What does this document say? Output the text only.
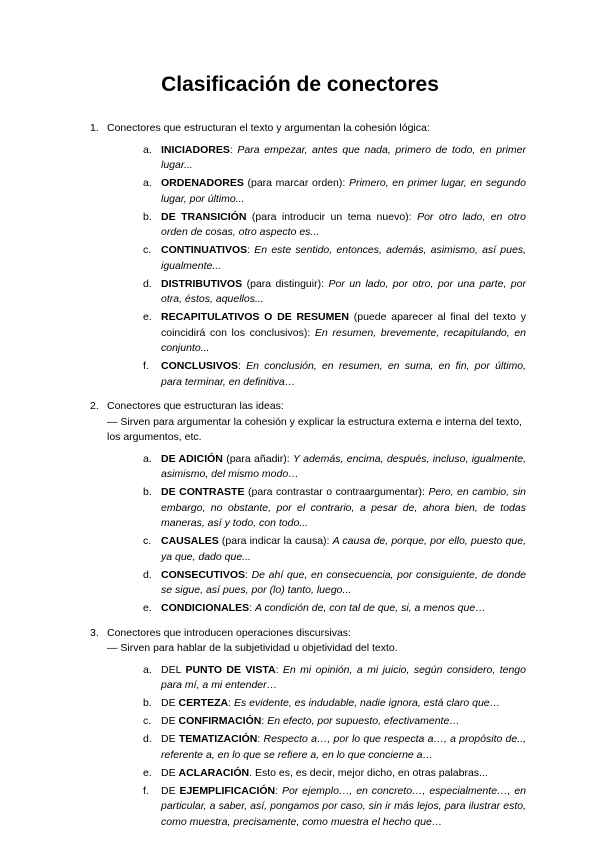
Clasificación de conectores
1. Conectores que estructuran el texto y argumentan la cohesión lógica:
a. INICIADORES: Para empezar, antes que nada, primero de todo, en primer lugar...
a. ORDENADORES (para marcar orden): Primero, en primer lugar, en segundo lugar, por último...
b. DE TRANSICIÓN (para introducir un tema nuevo): Por otro lado, en otro orden de cosas, otro aspecto es...
c. CONTINUATIVOS: En este sentido, entonces, además, asimismo, así pues, igualmente...
d. DISTRIBUTIVOS (para distinguir): Por un lado, por otro, por una parte, por otra, éstos, aquellos...
e. RECAPITULATIVOS O DE RESUMEN (puede aparecer al final del texto y coincidirá con los conclusivos): En resumen, brevemente, recapitulando, en conjunto...
f. CONCLUSIVOS: En conclusión, en resumen, en suma, en fin, por último, para terminar, en definitiva…
2. Conectores que estructuran las ideas:
— Sirven para argumentar la cohesión y explicar la estructura externa e interna del texto, los argumentos, etc.
a. DE ADICIÓN (para añadir): Y además, encima, después, incluso, igualmente, asimismo, del mismo modo…
b. DE CONTRASTE (para contrastar o contraargumentar): Pero, en cambio, sin embargo, no obstante, por el contrario, a pesar de, ahora bien, de todas maneras, así y todo, con todo...
c. CAUSALES (para indicar la causa): A causa de, porque, por ello, puesto que, ya que, dado que...
d. CONSECUTIVOS: De ahí que, en consecuencia, por consiguiente, de donde se sigue, así pues, por (lo) tanto, luego...
e. CONDICIONALES: A condición de, con tal de que, si, a menos que…
3. Conectores que introducen operaciones discursivas:
— Sirven para hablar de la subjetividad u objetividad del texto.
a. DEL PUNTO DE VISTA: En mi opinión, a mi juicio, según considero, tengo para mí, a mi entender…
b. DE CERTEZA: Es evidente, es indudable, nadie ignora, está claro que…
c. DE CONFIRMACIÓN: En efecto, por supuesto, efectivamente…
d. DE TEMATIZACIÓN: Respecto a…, por lo que respecta a…, a propósito de.., referente a, en lo que se refiere a, en lo que concierne a…
e. DE ACLARACIÓN. Esto es, es decir, mejor dicho, en otras palabras...
f. DE EJEMPLIFICACIÓN: Por ejemplo…, en concreto…, especialmente…, en particular, a saber, así, pongamos por caso, sin ir más lejos, para ilustrar esto, como muestra, precisamente, como muestra el hecho que…
